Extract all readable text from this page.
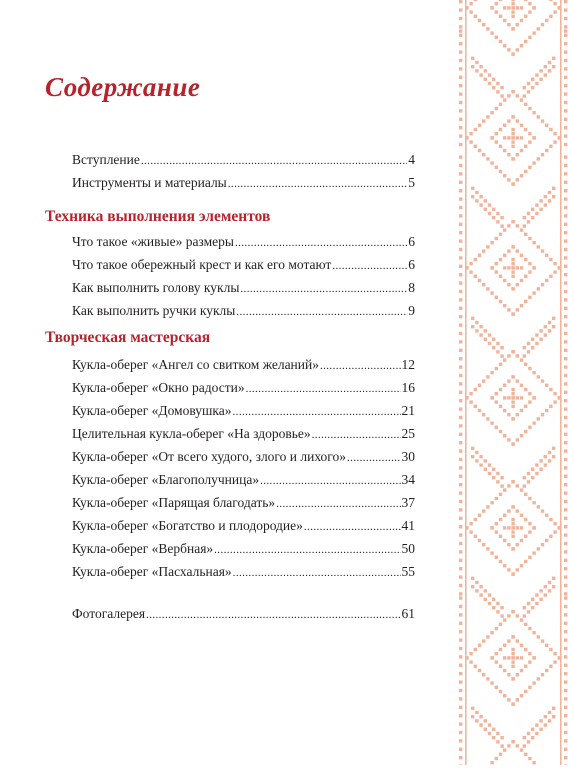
Содержание
Вступление .....	4
Инструменты и материалы .....	5
Техника выполнения элементов
Что такое «живые» размеры .....	6
Что такое обережный крест и как его мотают .....	6
Как выполнить голову куклы .....	8
Как выполнить ручки куклы .....	9
Творческая мастерская
Кукла-оберег «Ангел со свитком желаний» .....	12
Кукла-оберег «Окно радости» .....	16
Кукла-оберег «Домовушка» .....	21
Целительная кукла-оберег «На здоровье» .....	25
Кукла-оберег «От всего худого, злого и лихого» .....	30
Кукла-оберег «Благополучница» .....	34
Кукла-оберег «Парящая благодать» .....	37
Кукла-оберег «Богатство и плодородие» .....	41
Кукла-оберег «Вербная» .....	50
Кукла-оберег «Пасхальная» .....	55
Фотогалерея .....	61
